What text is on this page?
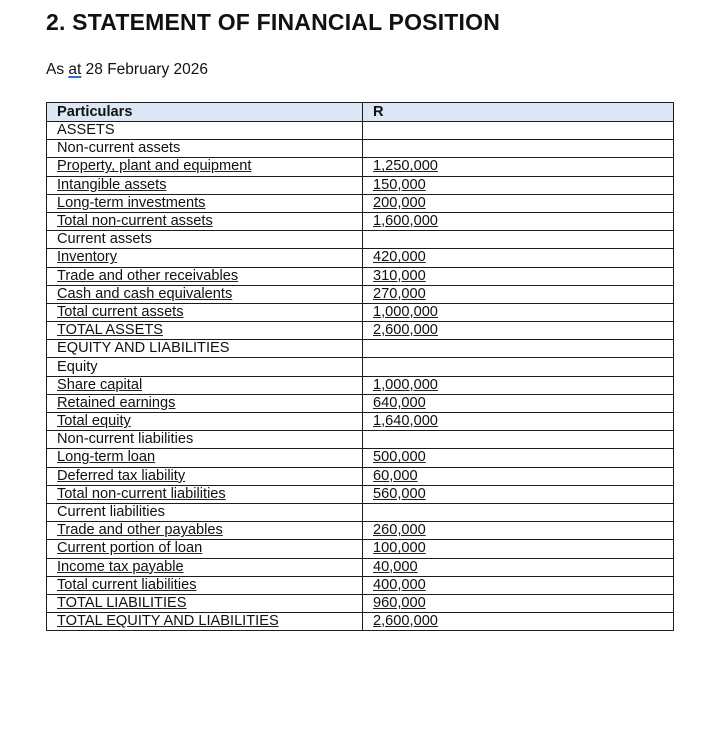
2. STATEMENT OF FINANCIAL POSITION
As at 28 February 2026
Particulars	R
ASSETS	
Non-current assets	
Property, plant and equipment	1,250,000
Intangible assets	150,000
Long-term investments	200,000
Total non-current assets	1,600,000
Current assets	
Inventory	420,000
Trade and other receivables	310,000
Cash and cash equivalents	270,000
Total current assets	1,000,000
TOTAL ASSETS	2,600,000
EQUITY AND LIABILITIES	
Equity	
Share capital	1,000,000
Retained earnings	640,000
Total equity	1,640,000
Non-current liabilities	
Long-term loan	500,000
Deferred tax liability	60,000
Total non-current liabilities	560,000
Current liabilities	
Trade and other payables	260,000
Current portion of loan	100,000
Income tax payable	40,000
Total current liabilities	400,000
TOTAL LIABILITIES	960,000
TOTAL EQUITY AND LIABILITIES	2,600,000
